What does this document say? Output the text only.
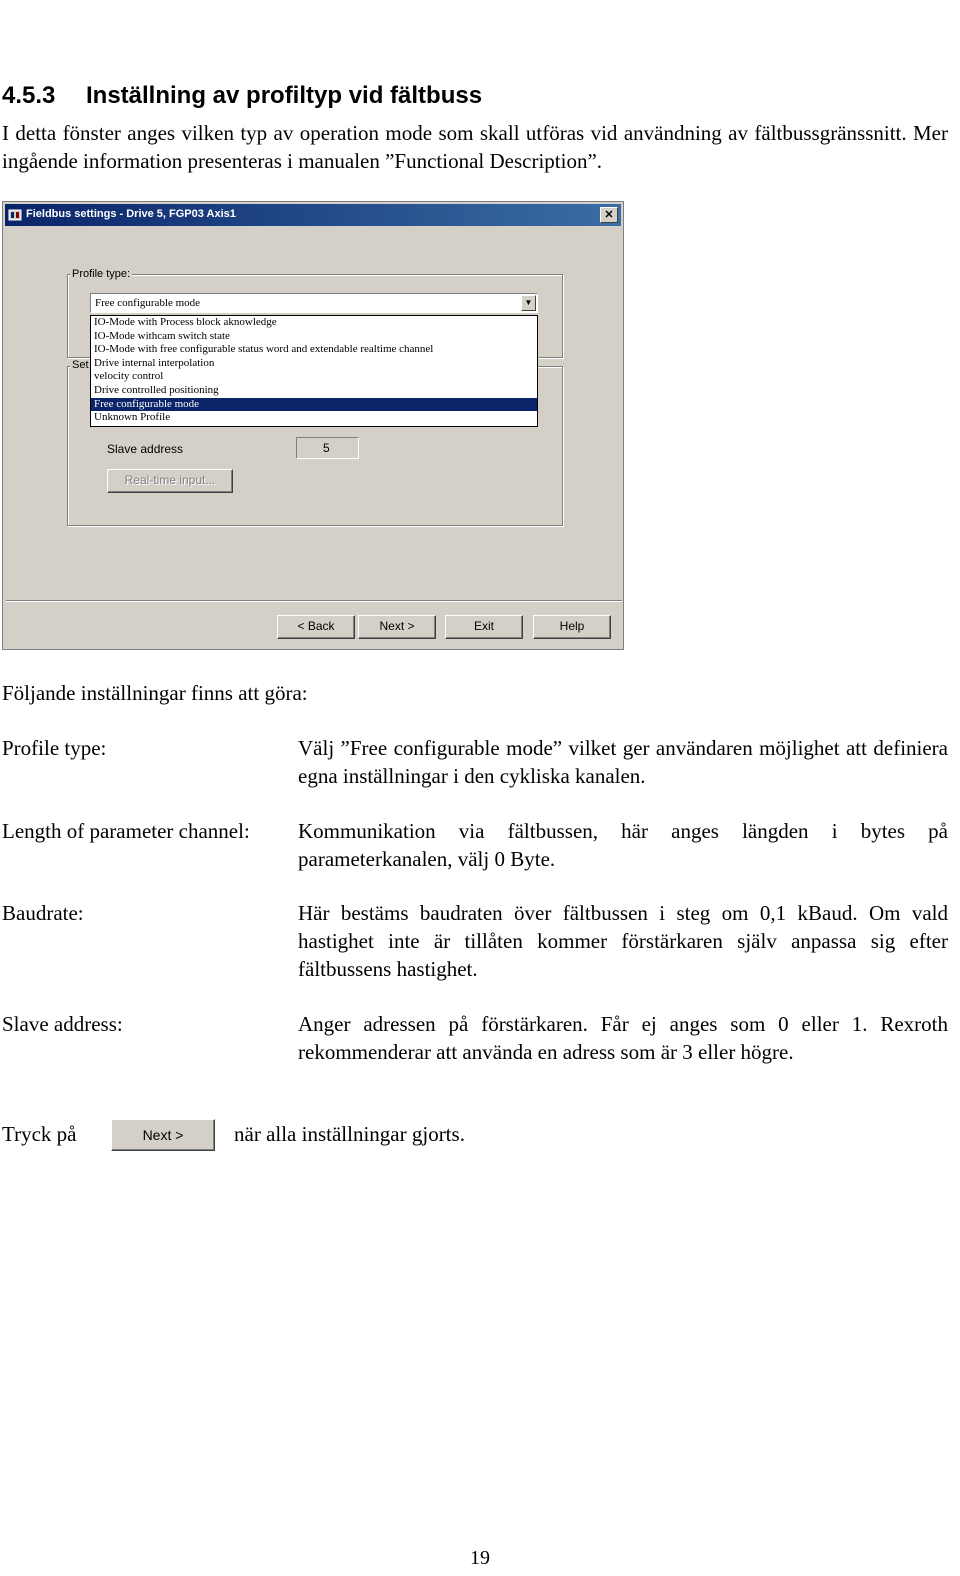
4.5.3 Inställning av profiltyp vid fältbuss
I detta fönster anges vilken typ av operation mode som skall utföras vid användning av fältbussgränssnitt. Mer ingående information presenteras i manualen ”Functional Description”.
Fieldbus settings - Drive 5, FGP03 Axis1	✕
Profile type:
Set
Slave address	5
Real-time input...
< Back	Next >	Exit	Help
Free configurable mode	▼
IO-Mode with Process block aknowledge
IO-Mode withcam switch state
IO-Mode with free configurable status word and extendable realtime channel
Drive internal interpolation
velocity control
Drive controlled positioning
Free configurable mode
Unknown Profile
Följande inställningar finns att göra:
Profile type:	Välj ”Free configurable mode” vilket ger användaren möjlighet att definiera egna inställningar i den cykliska kanalen.
Length of parameter channel: Kommunikation via fältbussen, här anges längden i bytes på parameterkanalen, välj 0 Byte.
Baudrate:	Här bestäms baudraten över fältbussen i steg om 0,1 kBaud. Om vald hastighet inte är tillåten kommer förstärkaren själv anpassa sig efter fältbussens hastighet.
Slave address:	Anger adressen på förstärkaren. Får ej anges som 0 eller 1. Rexroth rekommenderar att använda en adress som är 3 eller högre.
Tryck på	Next >	när alla inställningar gjorts.
19
